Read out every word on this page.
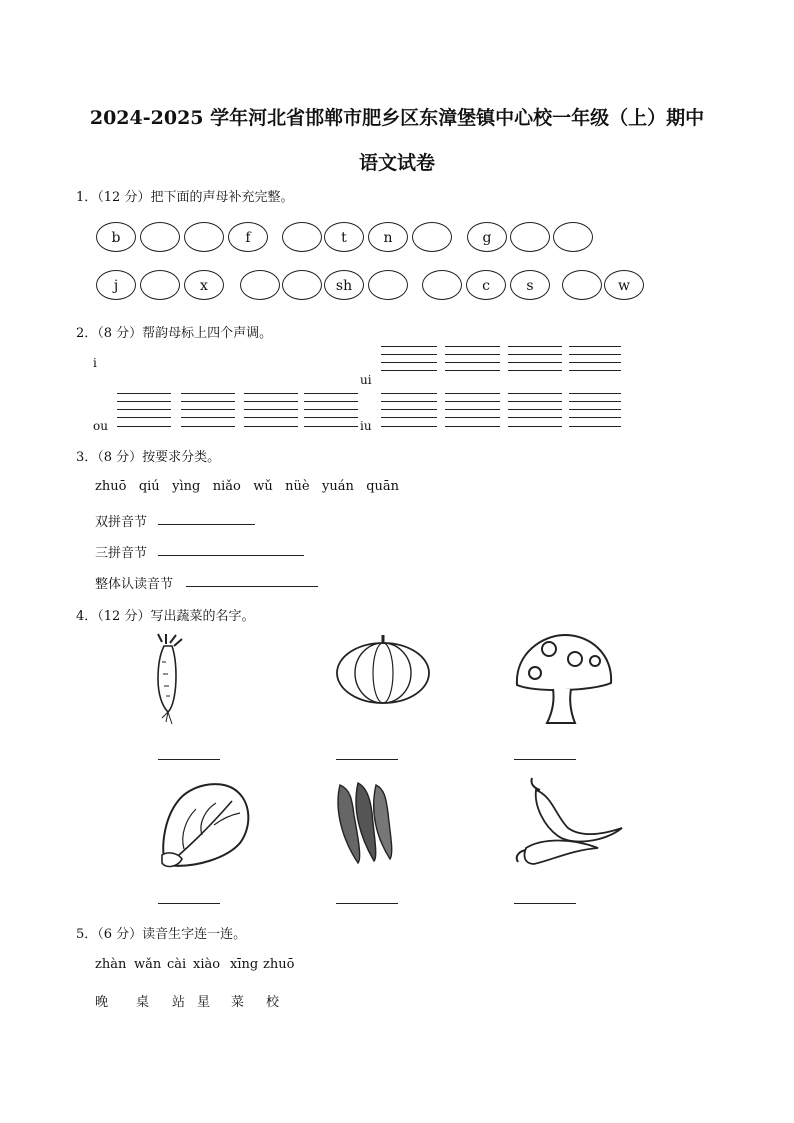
2024-2025 学年河北省邯郸市肥乡区东漳堡镇中心校一年级（上）期中
语文试卷
1．（12 分）把下面的声母补充完整。
b	f	t	n	g
j	x	sh	c	s	w
2．（8 分）帮韵母标上四个声调。
i
ui
ou	iu
3．（8 分）按要求分类。
zhuō qiú yìng niǎo wǔ nüè yuán quān
双拼音节
三拼音节
整体认读音节
4．（12 分）写出蔬菜的名字。
5．（6 分）读音生字连一连。
zhàn wǎn cài xiào xīng zhuō
晚 桌 站 星 菜 校
